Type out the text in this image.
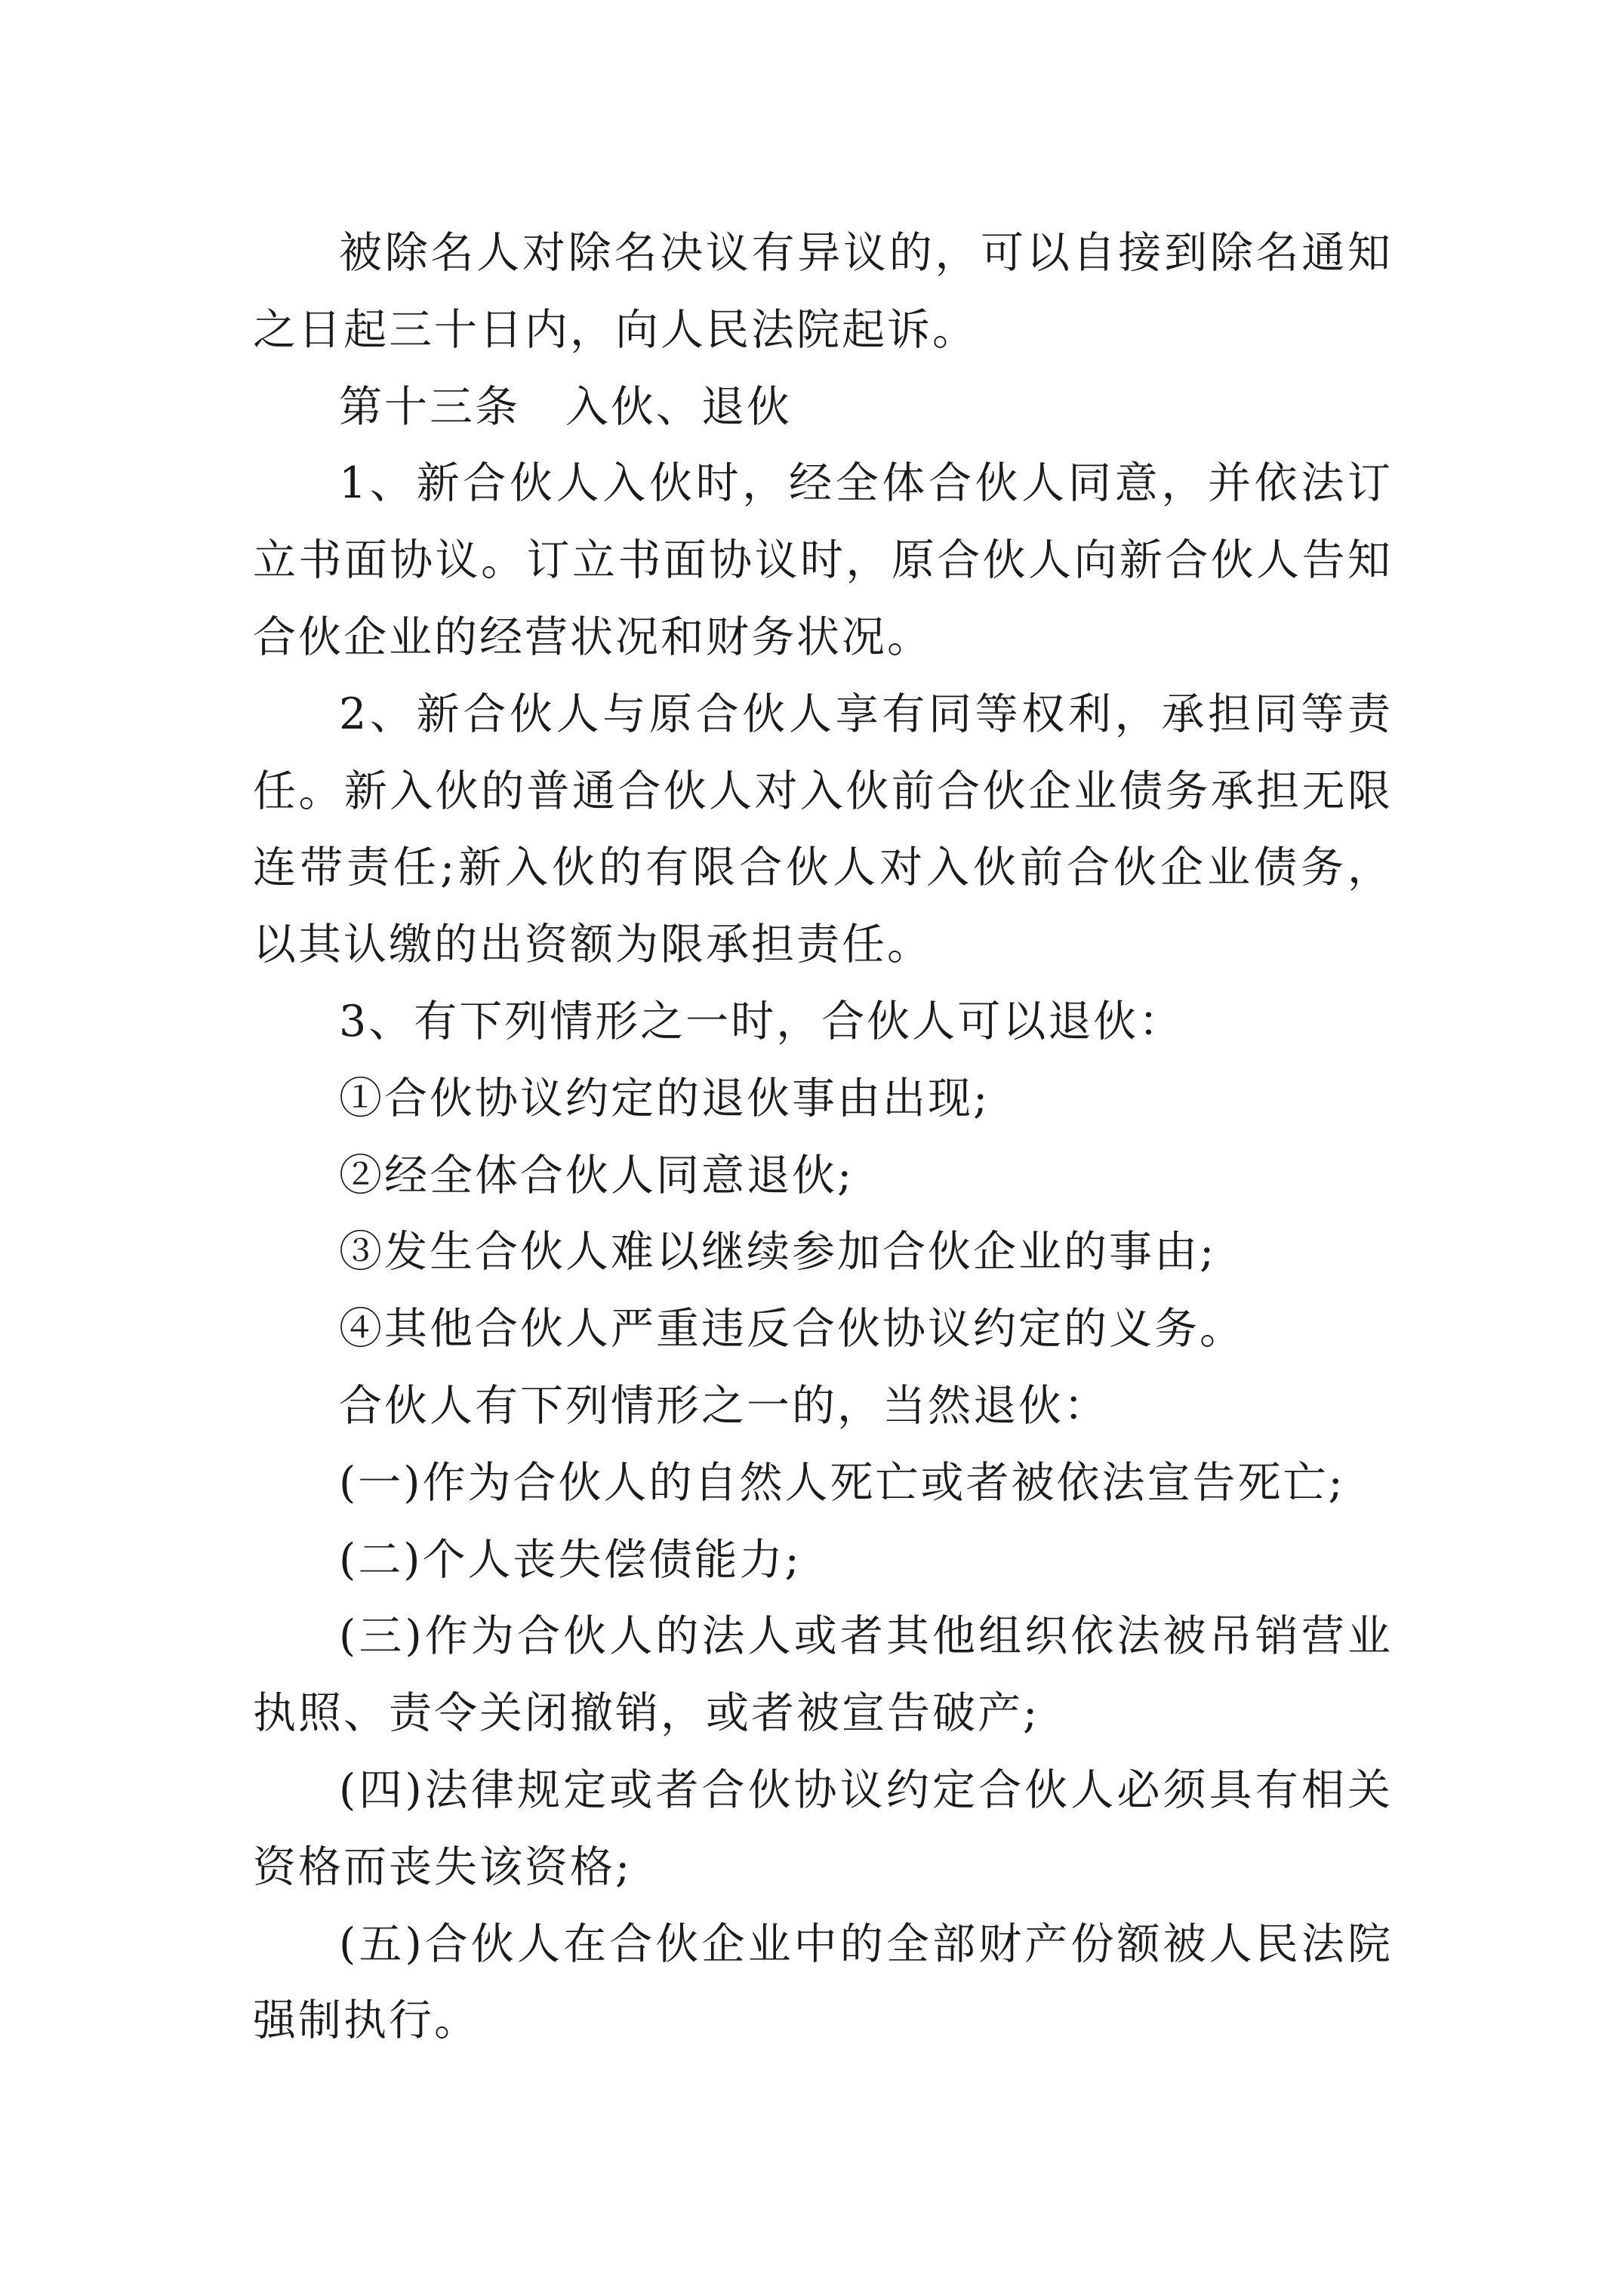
被除名人对除名决议有异议的，可以自接到除名通知之日起三十日内，向人民法院起诉。

第十三条　入伙、退伙

1、新合伙人入伙时，经全体合伙人同意，并依法订立书面协议。订立书面协议时，原合伙人向新合伙人告知合伙企业的经营状况和财务状况。

2、新合伙人与原合伙人享有同等权利，承担同等责任。新入伙的普通合伙人对入伙前合伙企业债务承担无限连带责任;新入伙的有限合伙人对入伙前合伙企业债务，以其认缴的出资额为限承担责任。

3、有下列情形之一时，合伙人可以退伙：

①合伙协议约定的退伙事由出现;

②经全体合伙人同意退伙;

③发生合伙人难以继续参加合伙企业的事由;

④其他合伙人严重违反合伙协议约定的义务。

合伙人有下列情形之一的，当然退伙：

(一)作为合伙人的自然人死亡或者被依法宣告死亡;

(二)个人丧失偿债能力;

(三)作为合伙人的法人或者其他组织依法被吊销营业执照、责令关闭撤销，或者被宣告破产;

(四)法律规定或者合伙协议约定合伙人必须具有相关资格而丧失该资格;

(五)合伙人在合伙企业中的全部财产份额被人民法院强制执行。
